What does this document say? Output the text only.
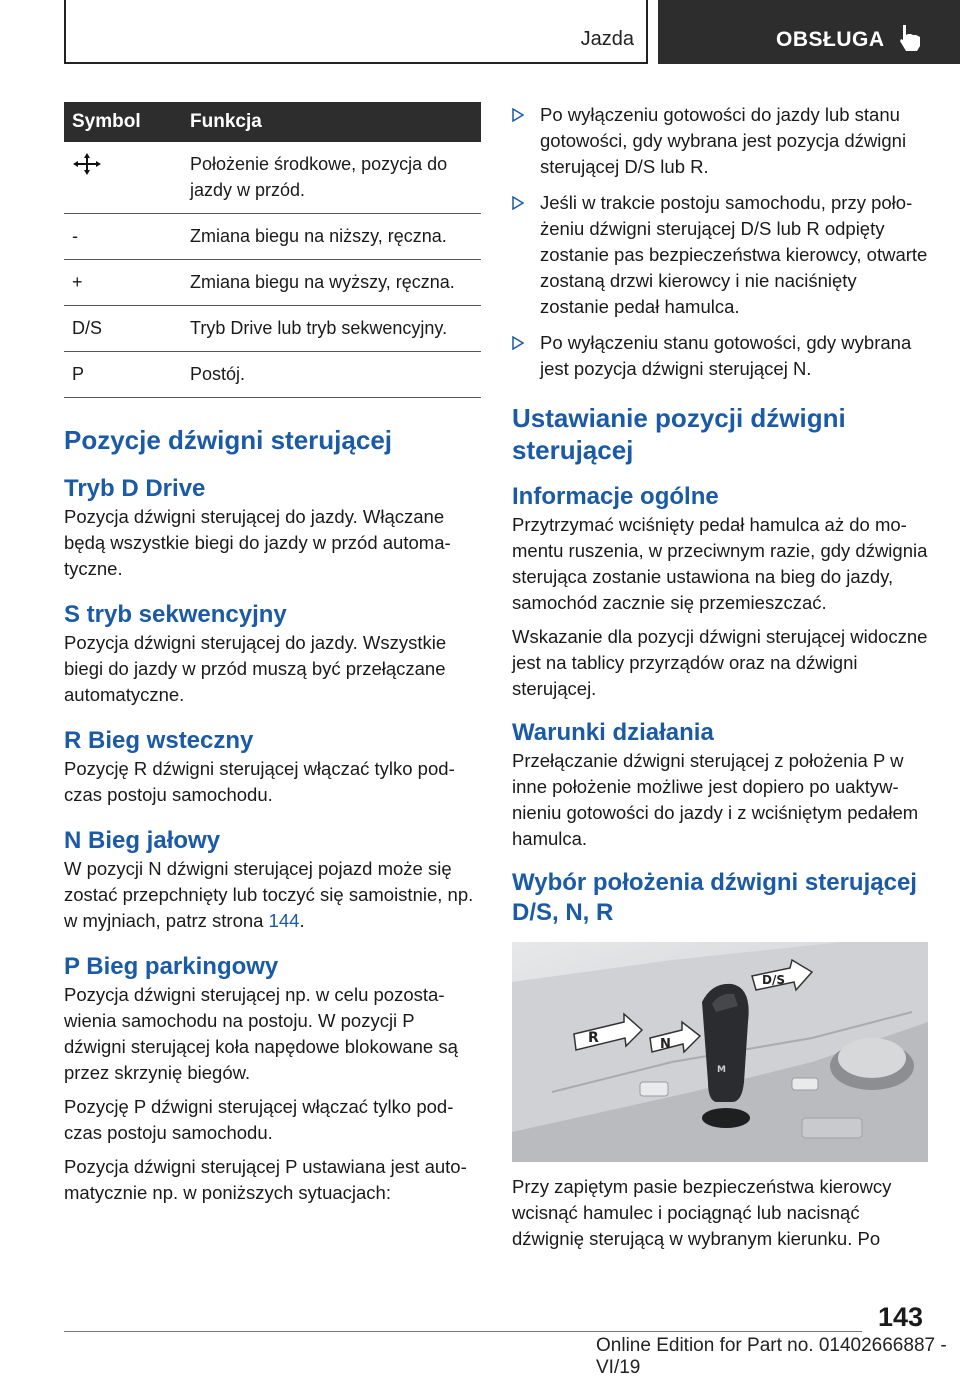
Jazda	OBSŁUGA
Symbol	Funkcja
	Położenie środkowe, pozycja do jazdy w przód.
-	Zmiana biegu na niższy, ręczna.
+	Zmiana biegu na wyższy, ręczna.
D/S	Tryb Drive lub tryb sekwencyjny.
P	Postój.
Pozycje dźwigni sterującej
Tryb D Drive

Pozycja dźwigni sterującej do jazdy. Włączane będą wszystkie biegi do jazdy w przód automatyczne.

S tryb sekwencyjny

Pozycja dźwigni sterującej do jazdy. Wszystkie biegi do jazdy w przód muszą być przełączane automatyczne.

R Bieg wsteczny

Pozycję R dźwigni sterującej włączać tylko podczas postoju samochodu.

N Bieg jałowy

W pozycji N dźwigni sterującej pojazd może się zostać przepchnięty lub toczyć się samoistnie, np. w myjniach, patrz strona 144.

P Bieg parkingowy

Pozycja dźwigni sterującej np. w celu pozostawienia samochodu na postoju. W pozycji P dźwigni sterującej koła napędowe blokowane są przez skrzynię biegów.

Pozycję P dźwigni sterującej włączać tylko podczas postoju samochodu.

Pozycja dźwigni sterującej P ustawiana jest automatycznie np. w poniższych sytuacjach:

Po wyłączeniu gotowości do jazdy lub stanu gotowości, gdy wybrana jest pozycja dźwigni sterującej D/S lub R.
Jeśli w trakcie postoju samochodu, przy położeniu dźwigni sterującej D/S lub R odpięty zostanie pas bezpieczeństwa kierowcy, otwarte zostaną drzwi kierowcy i nie naciśnięty zostanie pedał hamulca.
Po wyłączeniu stanu gotowości, gdy wybrana jest pozycja dźwigni sterującej N.
Ustawianie pozycji dźwigni sterującej
Informacje ogólne

Przytrzymać wciśnięty pedał hamulca aż do momentu ruszenia, w przeciwnym razie, gdy dźwignia sterująca zostanie ustawiona na bieg do jazdy, samochód zacznie się przemieszczać.

Wskazanie dla pozycji dźwigni sterującej widoczne jest na tablicy przyrządów oraz na dźwigni sterującej.

Warunki działania

Przełączanie dźwigni sterującej z położenia P w inne położenie możliwe jest dopiero po uaktywnieniu gotowości do jazdy i z wciśniętym pedałem hamulca.

Wybór położenia dźwigni sterującej D/S, N, R
R	N
D/S
M

Przy zapiętym pasie bezpieczeństwa kierowcy wcisnąć hamulec i pociągnąć lub nacisnąć dźwignię sterującą w wybranym kierunku. Po

143
Online Edition for Part no. 01402666887 - VI/19
